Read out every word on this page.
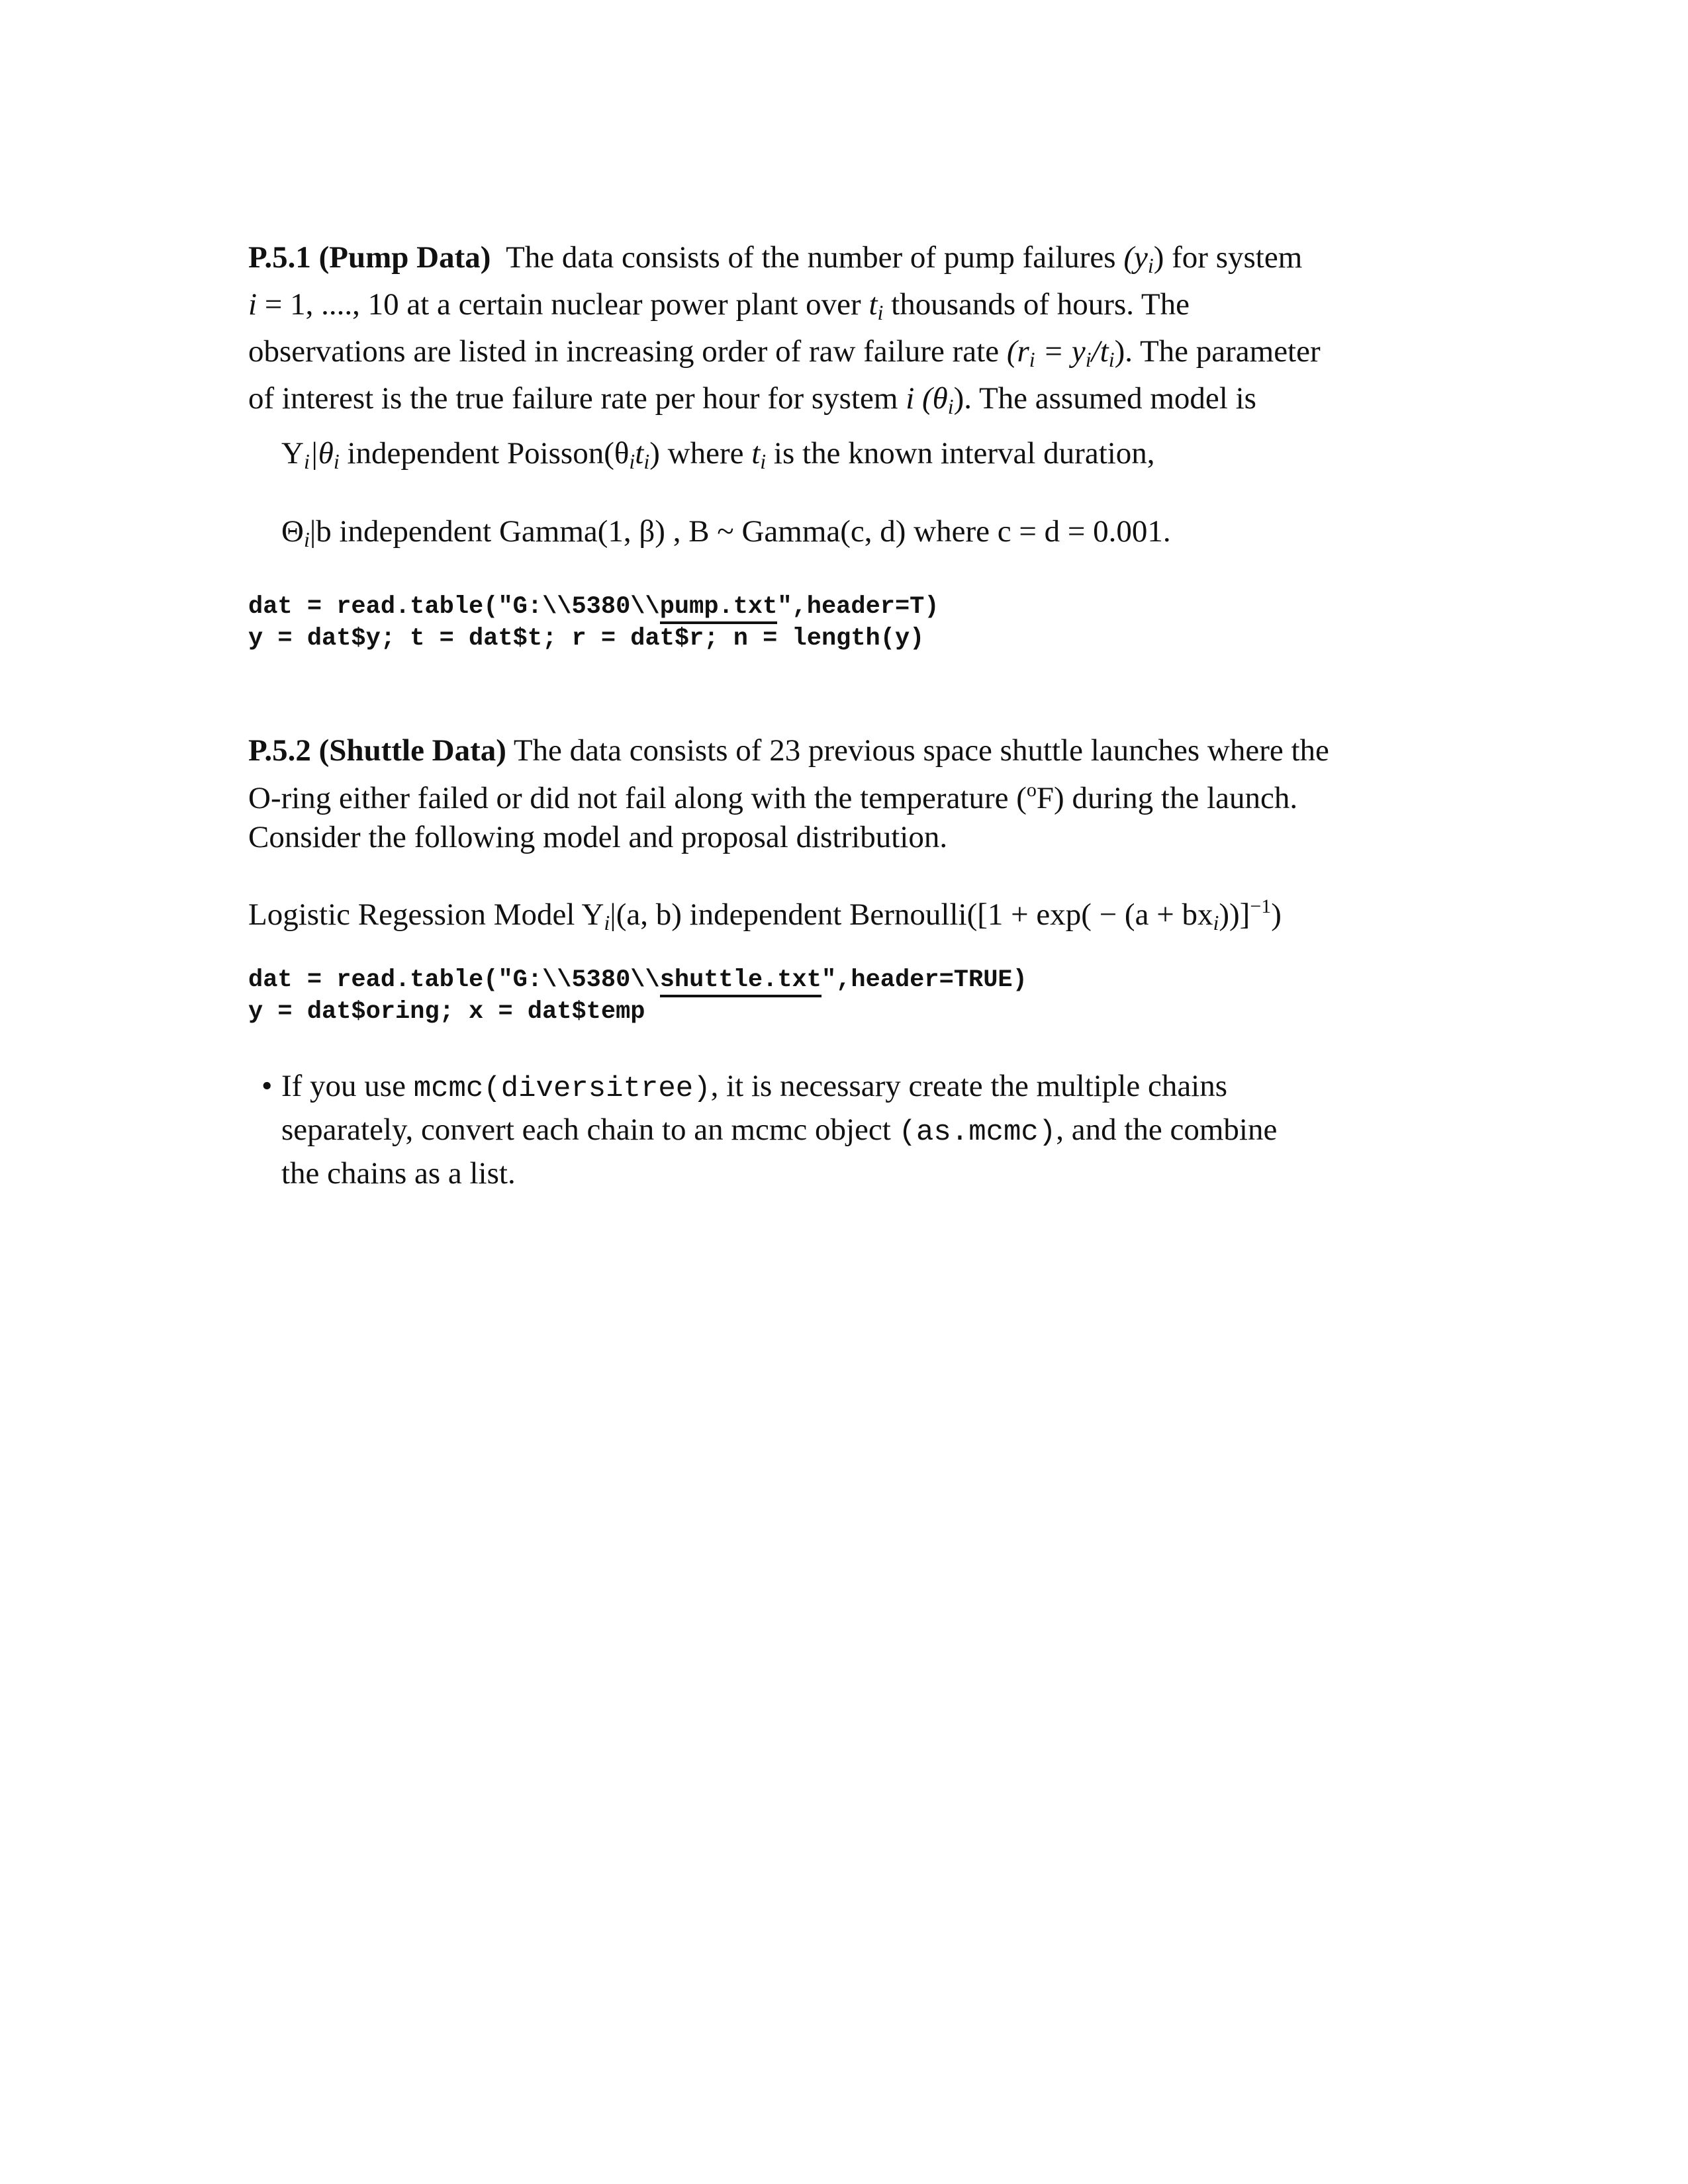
P.5.1 (Pump Data) The data consists of the number of pump failures $(y_i)$ for system
i = 1, ...., 10 at a certain nuclear power plant over $t_i$ thousands of hours. The
observations are listed in increasing order of raw failure rate $(r_i = y_i/t_i)$. The parameter
of interest is the true failure rate per hour for system i $(\theta_i)$. The assumed model is
$Y_i|\theta_i$ independent $Poisson(\theta_it_i)$ where $t_i$ is the known interval duration,
$\Theta_i|b$ independent Gamma(1, β) , B ~ Gamma(c, d) where c = d = 0.001.
dat = read.table("G:\\5380\\pump.txt",header=T)
y = dat$y; t = dat$t; r = dat$r; n = length(y)
P.5.2 (Shuttle Data) The data consists of 23 previous space shuttle launches where the
O-ring either failed or did not fail along with the temperature ($^o$F) during the launch.
Consider the following model and proposal distribution.
Logistic Regession Model $Y_i|(a$, b) independent Bernoulli([1 + $\exp( - (a + bx_i))]^{-1}$)
dat = read.table("G:\\5380\\shuttle.txt",header=TRUE)
y = dat$oring; x = dat$temp
• If you use mcmc(diversitree), it is necessary create the multiple chains
separately, convert each chain to an mcmc object (as.mcmc), and the combine
the chains as a list.
